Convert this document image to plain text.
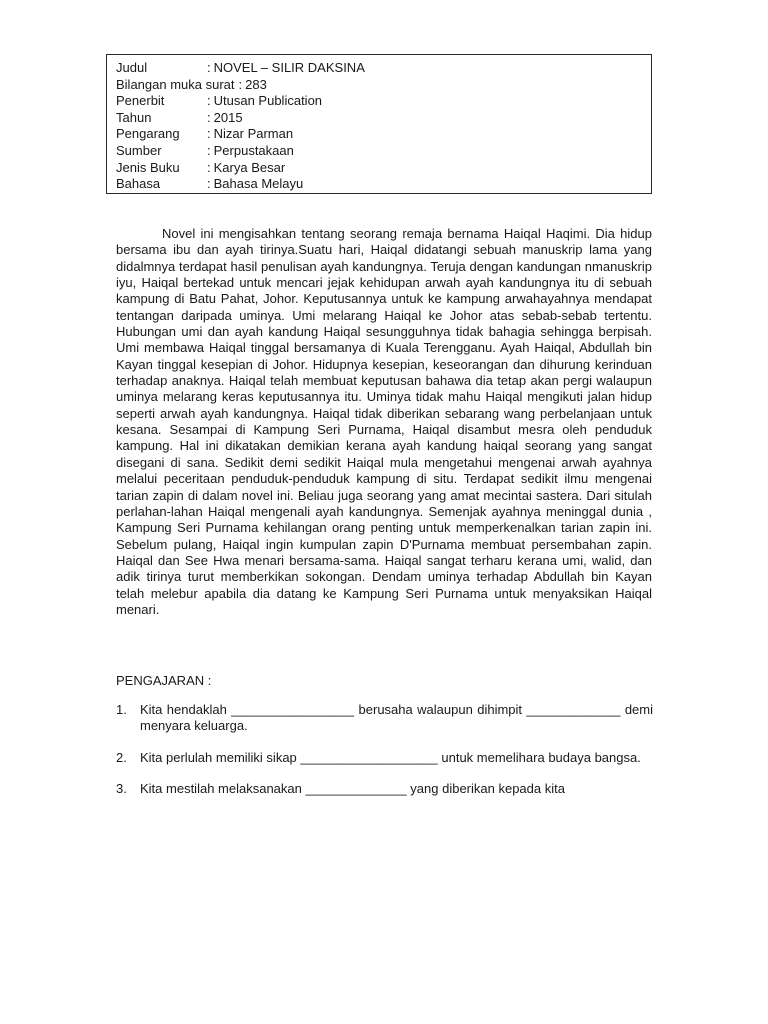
Judul	: NOVEL – SILIR DAKSINA
Bilangan muka surat : 283
Penerbit	: Utusan Publication
Tahun	: 2015
Pengarang	: Nizar Parman
Sumber	: Perpustakaan
Jenis Buku	: Karya Besar
Bahasa	: Bahasa Melayu

Novel ini mengisahkan tentang seorang remaja bernama Haiqal Haqimi. Dia hidup bersama ibu dan ayah tirinya.Suatu hari, Haiqal didatangi sebuah manuskrip lama yang didalmnya terdapat hasil penulisan ayah kandungnya. Teruja dengan kandungan nmanuskrip iyu, Haiqal bertekad untuk mencari jejak kehidupan arwah ayah kandungnya itu di sebuah kampung di Batu Pahat, Johor. Keputusannya untuk ke kampung arwahayahnya mendapat tentangan daripada uminya. Umi melarang Haiqal ke Johor atas sebab-sebab tertentu. Hubungan umi dan ayah kandung Haiqal sesungguhnya tidak bahagia sehingga berpisah. Umi membawa Haiqal tinggal bersamanya di Kuala Terengganu. Ayah Haiqal, Abdullah bin Kayan tinggal kesepian di Johor. Hidupnya kesepian, keseorangan dan dihurung kerinduan terhadap anaknya. Haiqal telah membuat keputusan bahawa dia tetap akan pergi walaupun uminya melarang keras keputusannya itu. Uminya tidak mahu Haiqal mengikuti jalan hidup seperti arwah ayah kandungnya. Haiqal tidak diberikan sebarang wang perbelanjaan untuk kesana. Sesampai di Kampung Seri Purnama, Haiqal disambut mesra oleh penduduk kampung. Hal ini dikatakan demikian kerana ayah kandung haiqal seorang yang sangat disegani di sana. Sedikit demi sedikit Haiqal mula mengetahui mengenai arwah ayahnya melalui peceritaan penduduk-penduduk kampung di situ. Terdapat sedikit ilmu mengenai tarian zapin di dalam novel ini. Beliau juga seorang yang amat mecintai sastera. Dari situlah perlahan-lahan Haiqal mengenali ayah kandungnya. Semenjak ayahnya meninggal dunia , Kampung Seri Purnama kehilangan orang penting untuk memperkenalkan tarian zapin ini. Sebelum pulang, Haiqal ingin kumpulan zapin D'Purnama membuat persembahan zapin. Haiqal dan See Hwa menari bersama-sama. Haiqal sangat terharu kerana umi, walid, dan adik tirinya turut memberkikan sokongan. Dendam uminya terhadap Abdullah bin Kayan telah melebur apabila dia datang ke Kampung Seri Purnama untuk menyaksikan Haiqal menari.

PENGAJARAN :

1.	Kita hendaklah _________________ berusaha walaupun dihimpit _____________ demi menyara keluarga.
2.	Kita perlulah memiliki sikap ___________________ untuk memelihara budaya bangsa.
3.	Kita mestilah melaksanakan ______________ yang diberikan kepada kita
